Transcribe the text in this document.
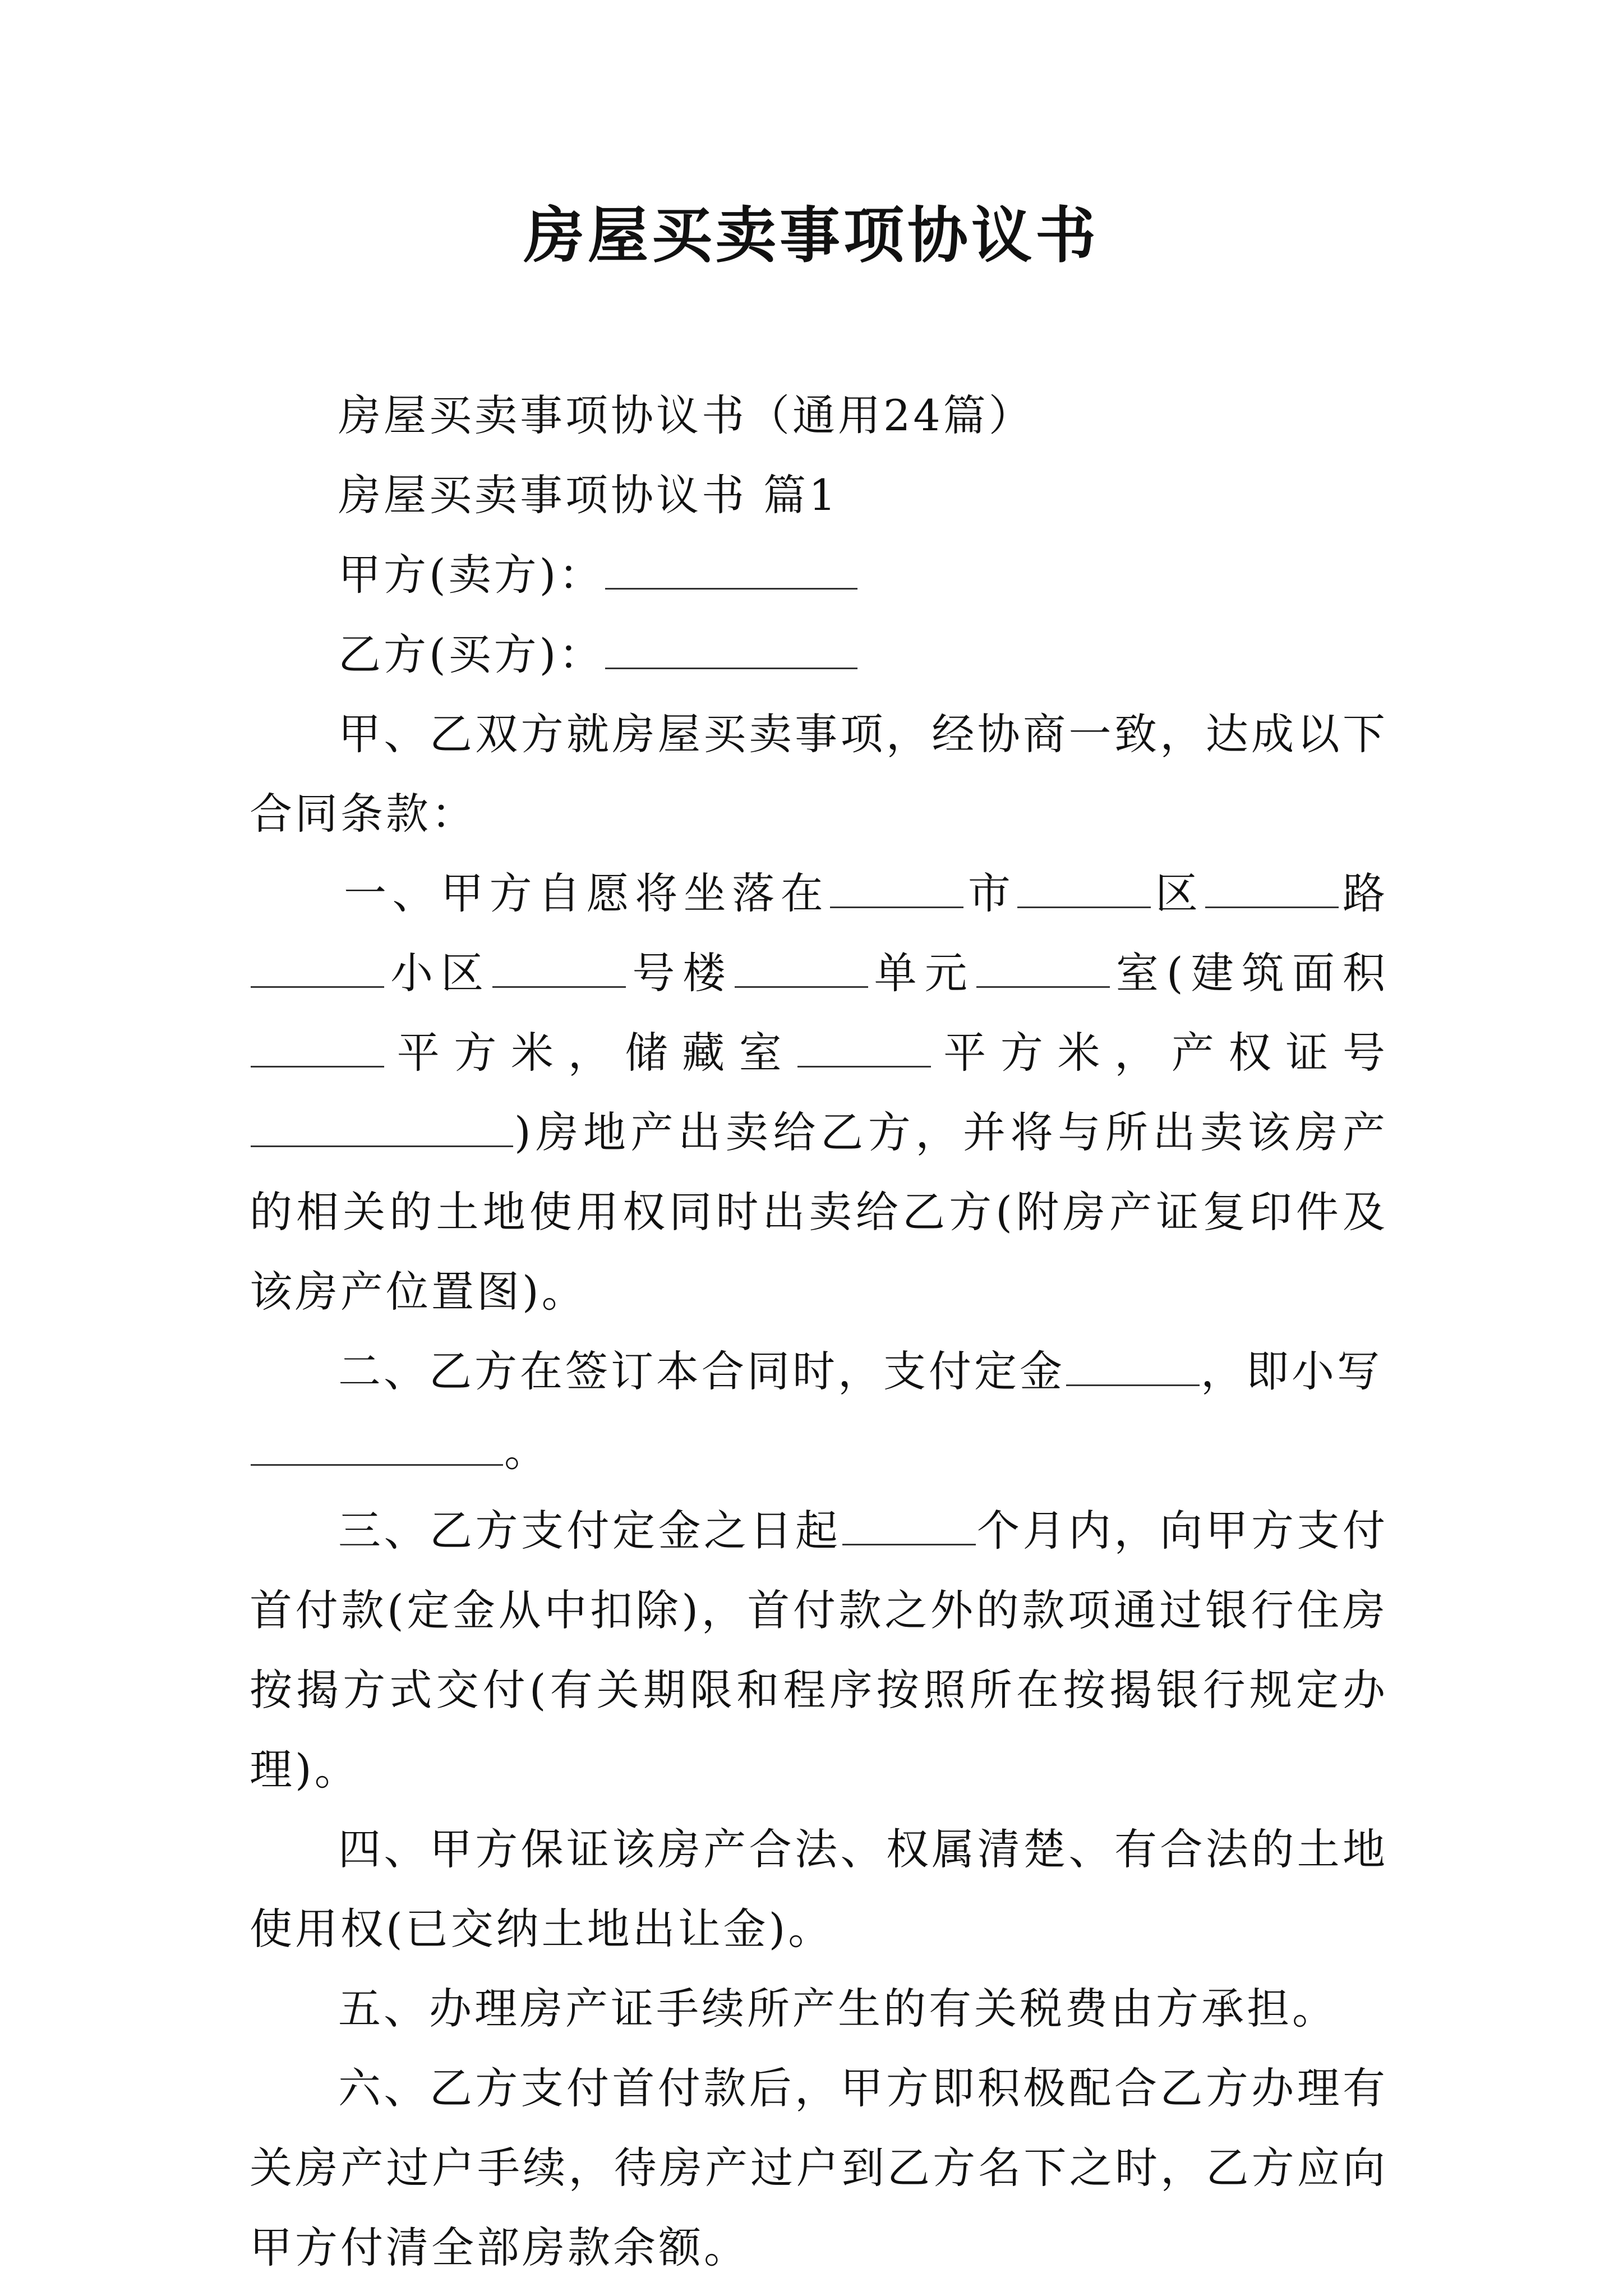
房屋买卖事项协议书

房屋买卖事项协议书（通用24篇）

房屋买卖事项协议书 篇1

甲方(卖方)：

乙方(买方)：

甲、乙双方就房屋买卖事项，经协商一致，达成以下合同条款：

一、甲方自愿将坐落在	市	区	路小区	号楼	单元	室(建筑面积平方米，储藏室	平方米，产权证号)房地产出卖给乙方，并将与所出卖该房产的相关的土地使用权同时出卖给乙方(附房产证复印件及该房产位置图)。

二、乙方在签订本合同时，支付定金	，即小写

。

三、乙方支付定金之日起	个月内，向甲方支付首付款(定金从中扣除)，首付款之外的款项通过银行住房按揭方式交付(有关期限和程序按照所在按揭银行规定办理)。

四、甲方保证该房产合法、权属清楚、有合法的土地使用权(已交纳土地出让金)。

五、办理房产证手续所产生的有关税费由方承担。

六、乙方支付首付款后，甲方即积极配合乙方办理有关房产过户手续，待房产过户到乙方名下之时，乙方应向甲方付清全部房款余额。
